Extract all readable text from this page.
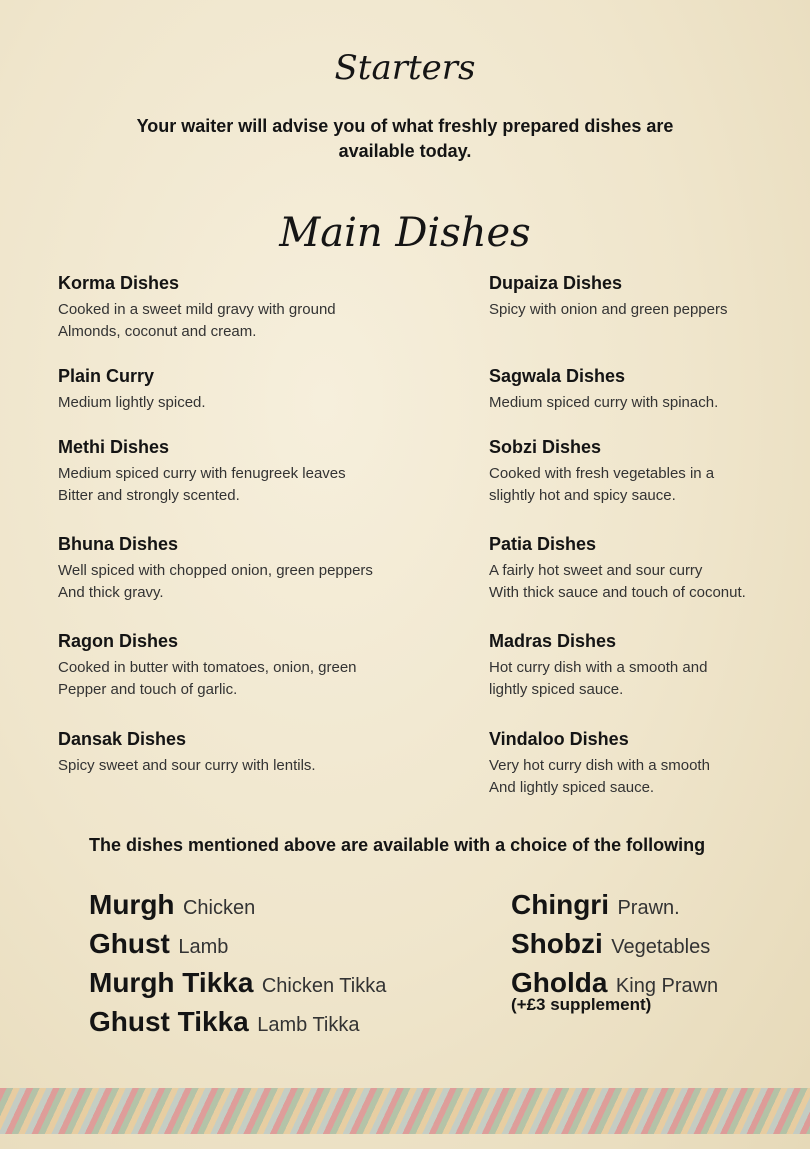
Starters

Your waiter will advise you of what freshly prepared dishes are available today.

Main Dishes

Korma Dishes

Cooked in a sweet mild gravy with ground
Almonds, coconut and cream.

Plain Curry

Medium lightly spiced.

Methi Dishes

Medium spiced curry with fenugreek leaves
Bitter and strongly scented.

Bhuna Dishes

Well spiced with chopped onion, green peppers
And thick gravy.

Ragon Dishes

Cooked in butter with tomatoes, onion, green
Pepper and touch of garlic.

Dansak Dishes

Spicy sweet and sour curry with lentils.

Dupaiza Dishes

Spicy with onion and green peppers

Sagwala Dishes

Medium spiced curry with spinach.

Sobzi Dishes

Cooked with fresh vegetables in a
slightly hot and spicy sauce.

Patia Dishes

A fairly hot sweet and sour curry
With thick sauce and touch of coconut.

Madras Dishes

Hot curry dish with a smooth and
lightly spiced sauce.

Vindaloo Dishes

Very hot curry dish with a smooth
And lightly spiced sauce.

The dishes mentioned above are available with a choice of the following

Murgh Chicken
Ghust Lamb
Murgh Tikka Chicken Tikka
Ghust Tikka Lamb Tikka
Chingri Prawn.
Shobzi Vegetables
Gholda King Prawn
(+£3 supplement)
